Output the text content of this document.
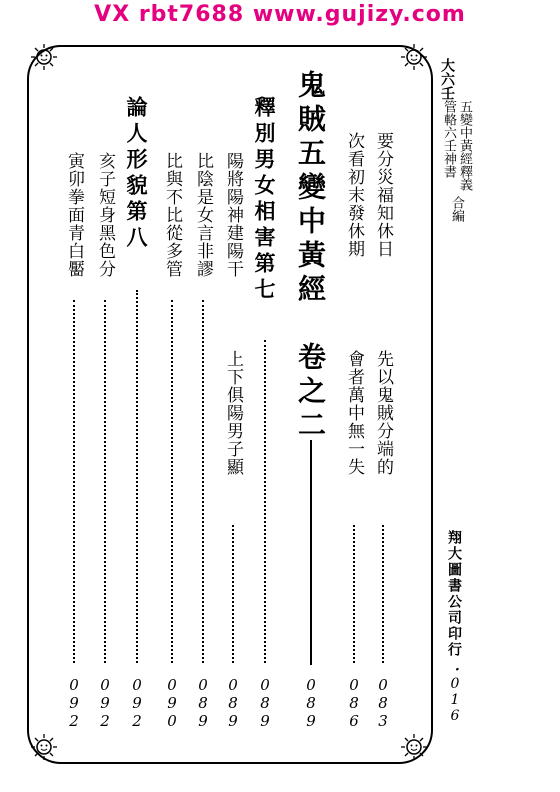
VX rbt7688 www.gujizy.com
大六壬
五變中黃經釋義
管輅六壬神書
合編
翔大圖書公司印行
・016
要分災福知休日
先以鬼賊分端的
083
次看初末發休期
會者萬中無一失
086
鬼賊五變中黃經　卷之二
089
釋別男女相害第七
089
陽將陽神建陽干
上下俱陽男子顯
089
比陰是女言非謬
089
比與不比從多管
090
論人形貌第八
092
亥子短身黑色分
092
寅卯拳面青白靨
092
